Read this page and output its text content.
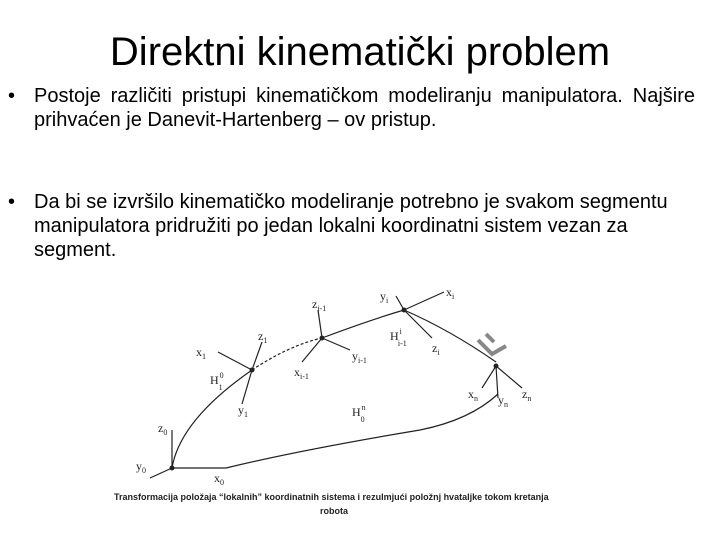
Direktni kinematički problem
• Postoje različiti pristupi kinematičkom modeliranju manipulatora. Najšire prihvaćen je Danevit-Hartenberg – ov pristup.
• Da bi se izvršilo kinematičko modeliranje potrebno je svakom segmentu manipulatora pridružiti po jedan lokalni koordinatni sistem vezan za segment.
$z_0$
$y_0$
$x_0$
$x_1$
$z_1$
$y_1$
$H^0$ 1
$z_{i-1}$
$x_{i-1}$
$y_{i-1}$
$y_i$
$x_i$
$z_i$
$H^i$ i-1
$H^n$ 0
$x_n$ $y_n$
$z_n$
Transformacija položaja “lokalnih” koordinatnih sistema i rezulmjući položnj hvataljke tokom kretanja
robota
